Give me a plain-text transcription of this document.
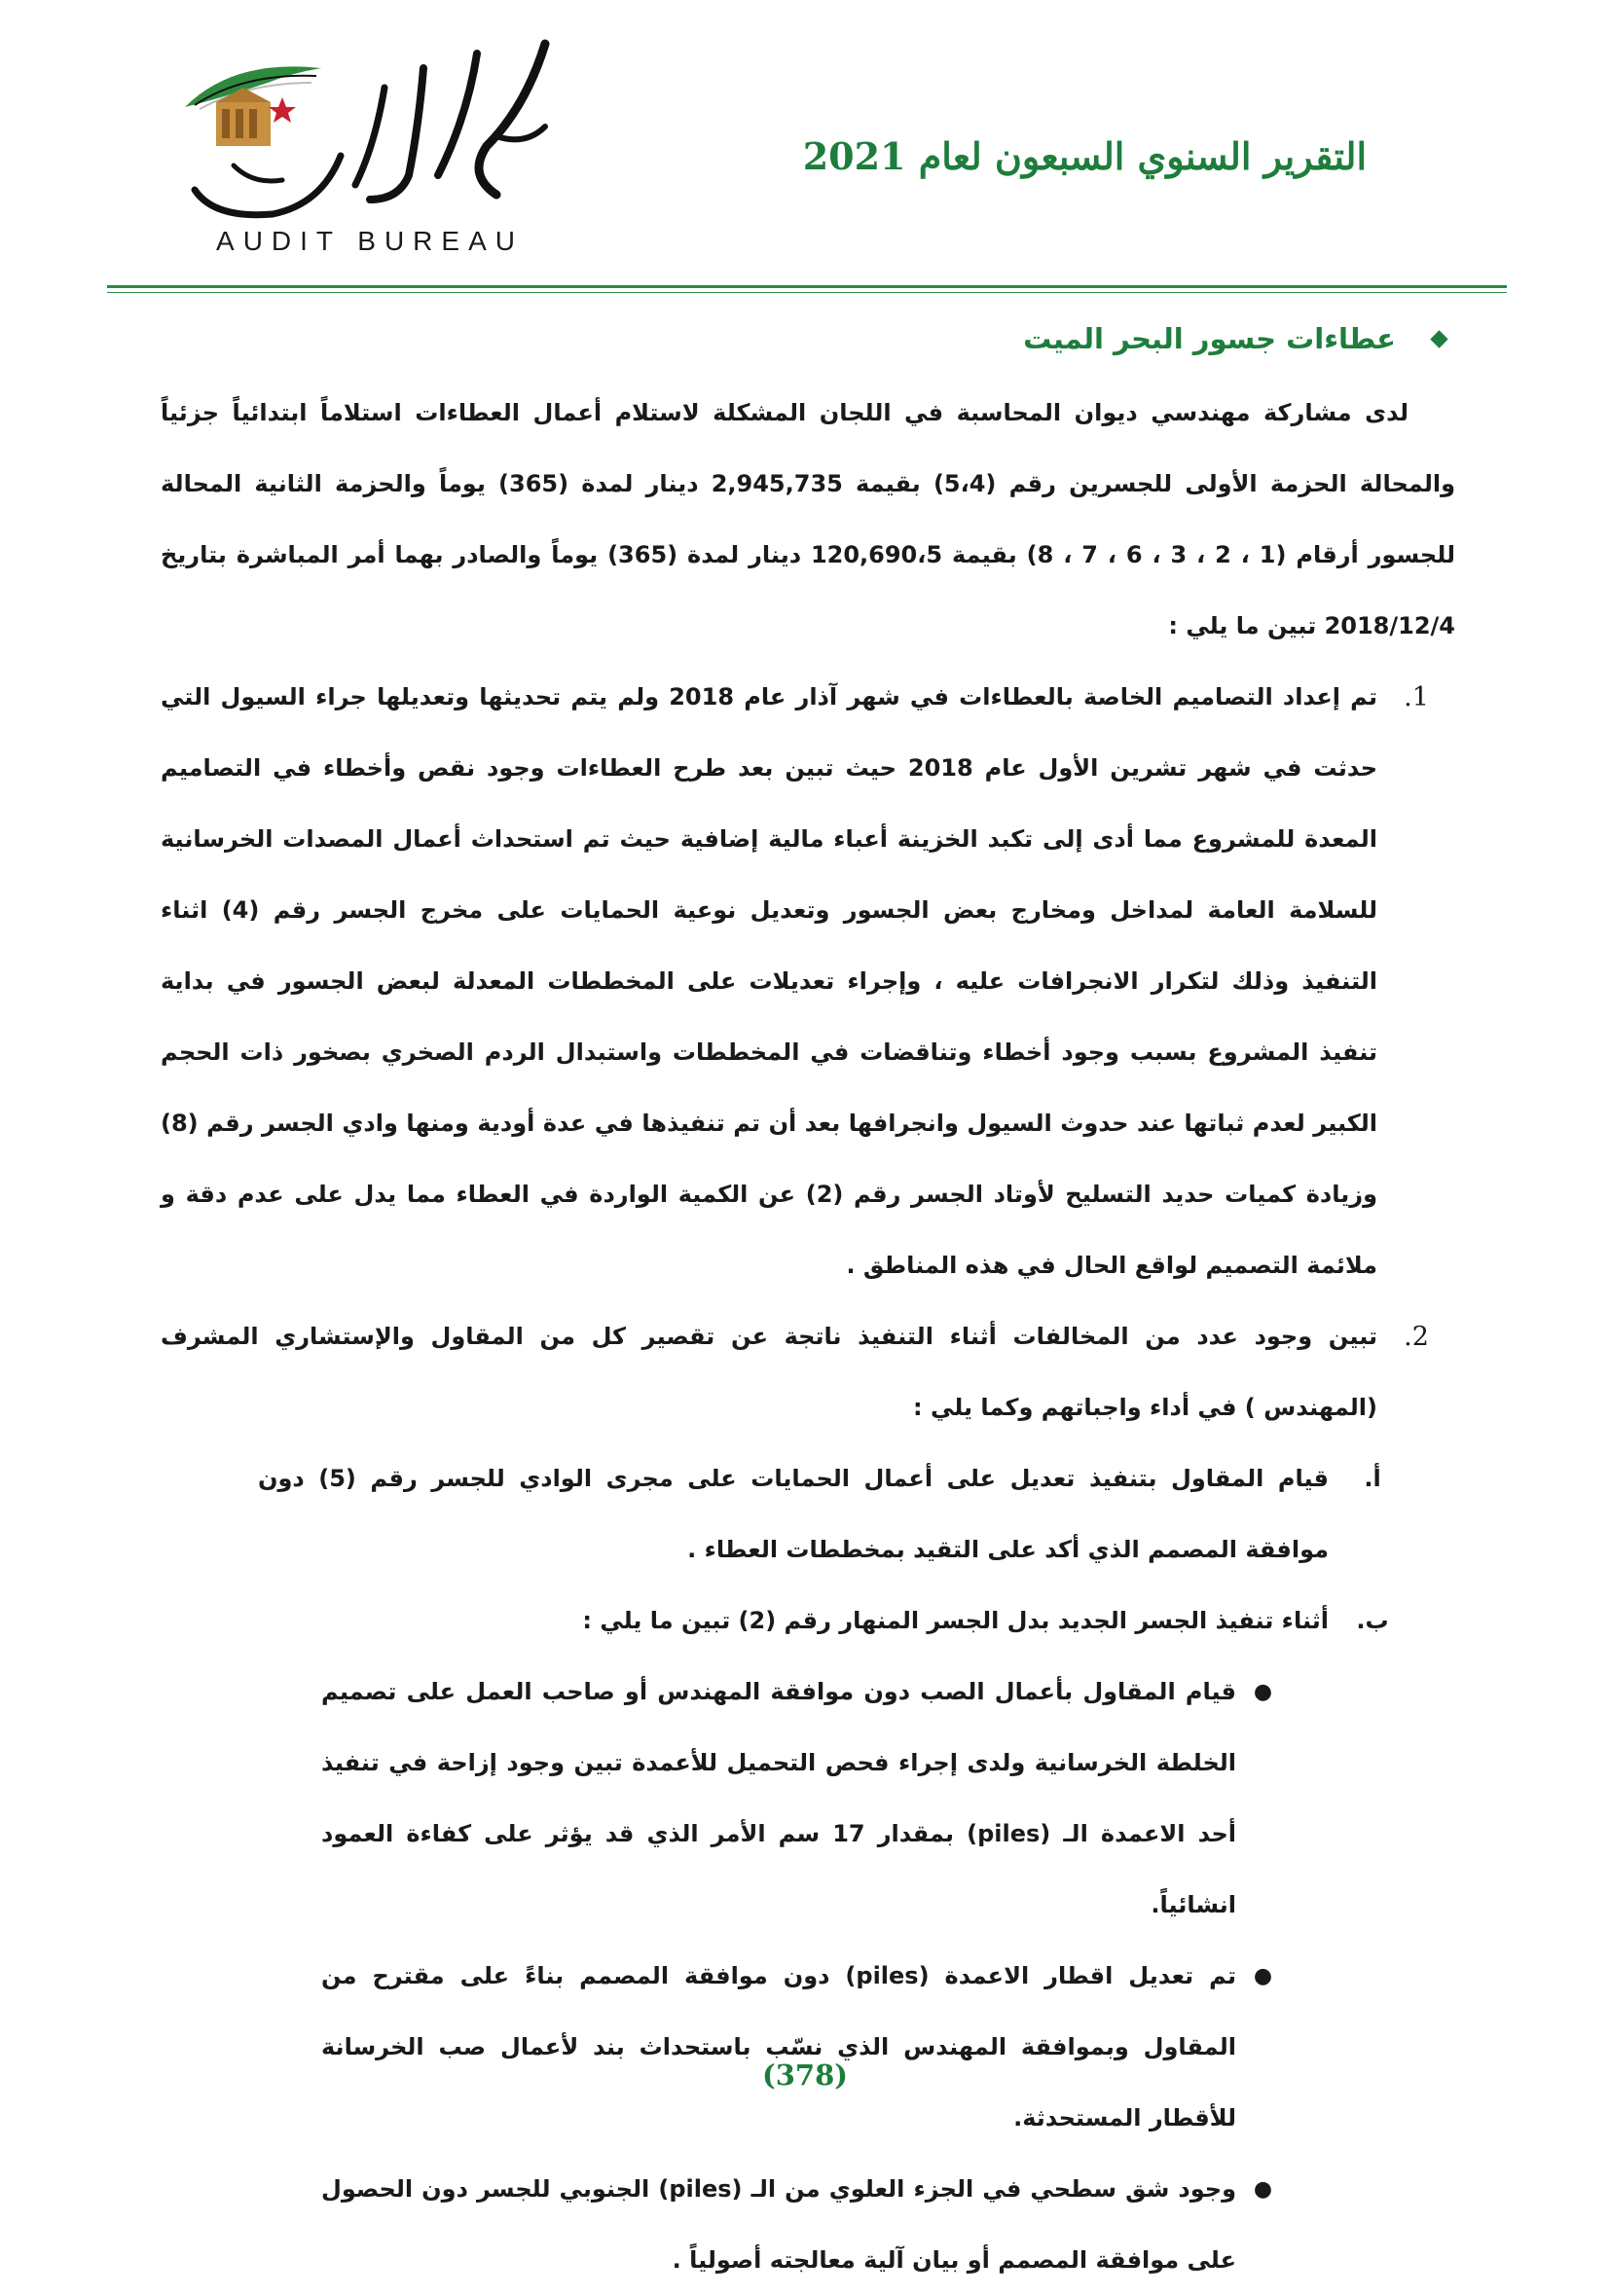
AUDIT BUREAU
التقرير السنوي السبعون لعام 2021
عطاءات جسور البحر الميت
لدى مشاركة مهندسي ديوان المحاسبة في اللجان المشكلة لاستلام أعمال العطاءات استلاماً ابتدائياً جزئياً والمحالة الحزمة الأولى للجسرين رقم (5،4) بقيمة 2,945,735 دينار لمدة (365) يوماً والحزمة الثانية المحالة للجسور أرقام (1 ، 2 ، 3 ، 6 ، 7 ، 8) بقيمة 120,690،5 دينار لمدة (365) يوماً والصادر بهما أمر المباشرة بتاريخ 2018/12/4 تبين ما يلي :
1.
تم إعداد التصاميم الخاصة بالعطاءات في شهر آذار عام 2018 ولم يتم تحديثها وتعديلها جراء السيول التي حدثت في شهر تشرين الأول عام 2018 حيث تبين بعد طرح العطاءات وجود نقص وأخطاء في التصاميم المعدة للمشروع مما أدى إلى تكبد الخزينة أعباء مالية إضافية حيث تم استحداث أعمال المصدات الخرسانية للسلامة العامة لمداخل ومخارج بعض الجسور وتعديل نوعية الحمايات على مخرج الجسر رقم (4) اثناء التنفيذ وذلك لتكرار الانجرافات عليه ، وإجراء تعديلات على المخططات المعدلة لبعض الجسور في بداية تنفيذ المشروع بسبب وجود أخطاء وتناقضات في المخططات واستبدال الردم الصخري بصخور ذات الحجم الكبير لعدم ثباتها عند حدوث السيول وانجرافها بعد أن تم تنفيذها في عدة أودية ومنها وادي الجسر رقم (8) وزيادة كميات حديد التسليح لأوتاد الجسر رقم (2) عن الكمية الواردة في العطاء مما يدل على عدم دقة و ملائمة التصميم لواقع الحال في هذه المناطق .
2.
تبين وجود عدد من المخالفات أثناء التنفيذ ناتجة عن تقصير كل من المقاول والإستشاري المشرف (المهندس ) في أداء واجباتهم وكما يلي :
أ.
قيام المقاول بتنفيذ تعديل على أعمال الحمايات على مجرى الوادي للجسر رقم (5) دون موافقة المصمم الذي أكد على التقيد بمخططات العطاء .
ب.
أثناء تنفيذ الجسر الجديد بدل الجسر المنهار رقم (2) تبين ما يلي :
●
قيام المقاول بأعمال الصب دون موافقة المهندس أو صاحب العمل على تصميم الخلطة الخرسانية ولدى إجراء فحص التحميل للأعمدة تبين وجود إزاحة في تنفيذ أحد الاعمدة الـ (piles) بمقدار 17 سم الأمر الذي قد يؤثر على كفاءة العمود انشائياً.
●
تم تعديل اقطار الاعمدة (piles) دون موافقة المصمم بناءً على مقترح من المقاول وبموافقة المهندس الذي نسّب باستحداث بند لأعمال صب الخرسانة للأقطار المستحدثة.
●
وجود شق سطحي في الجزء العلوي من الـ (piles) الجنوبي للجسر دون الحصول على موافقة المصمم أو بيان آلية معالجته أصولياً .
(378)
